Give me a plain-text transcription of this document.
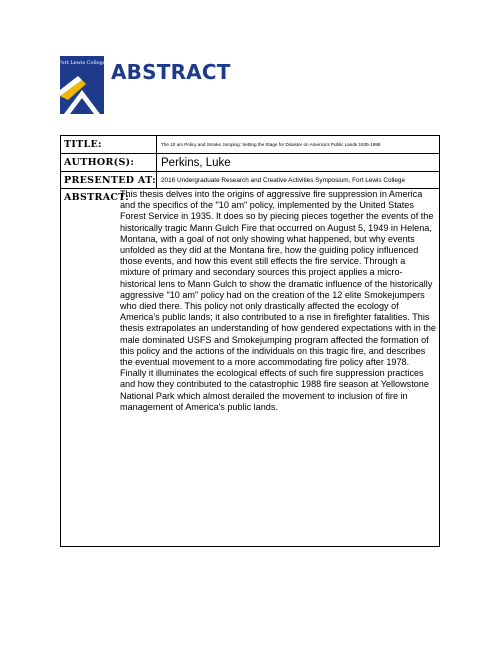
Fort Lewis College ABSTRACT
TITLE:	The 10 am Policy and Smoke Jumping: Setting the Stage for Disaster on America's Public Lands 1935-1988
AUTHOR(S):	Perkins, Luke
PRESENTED AT: 2016 Undergraduate Research and Creative Activities Symposium, Fort Lewis College
ABSTRACT:

This thesis delves into the origins of aggressive fire suppression in America and the specifics of the "10 am" policy, implemented by the United States Forest Service in 1935. It does so by piecing pieces together the events of the historically tragic Mann Gulch Fire that occurred on August 5, 1949 in Helena, Montana, with a goal of not only showing what happened, but why events unfolded as they did at the Montana fire, how the guiding policy influenced those events, and how this event still effects the fire service. Through a mixture of primary and secondary sources this project applies a micro-historical lens to Mann Gulch to show the dramatic influence of the historically aggressive "10 am" policy had on the creation of the 12 elite Smokejumpers who died there. This policy not only drastically affected the ecology of America's public lands; it also contributed to a rise in firefighter fatalities. This thesis extrapolates an understanding of how gendered expectations with in the male dominated USFS and Smokejumping program affected the formation of this policy and the actions of the individuals on this tragic fire, and describes the eventual movement to a more accommodating fire policy after 1978. Finally it illuminates the ecological effects of such fire suppression practices and how they contributed to the catastrophic 1988 fire season at Yellowstone National Park which almost derailed the movement to inclusion of fire in management of America's public lands.
